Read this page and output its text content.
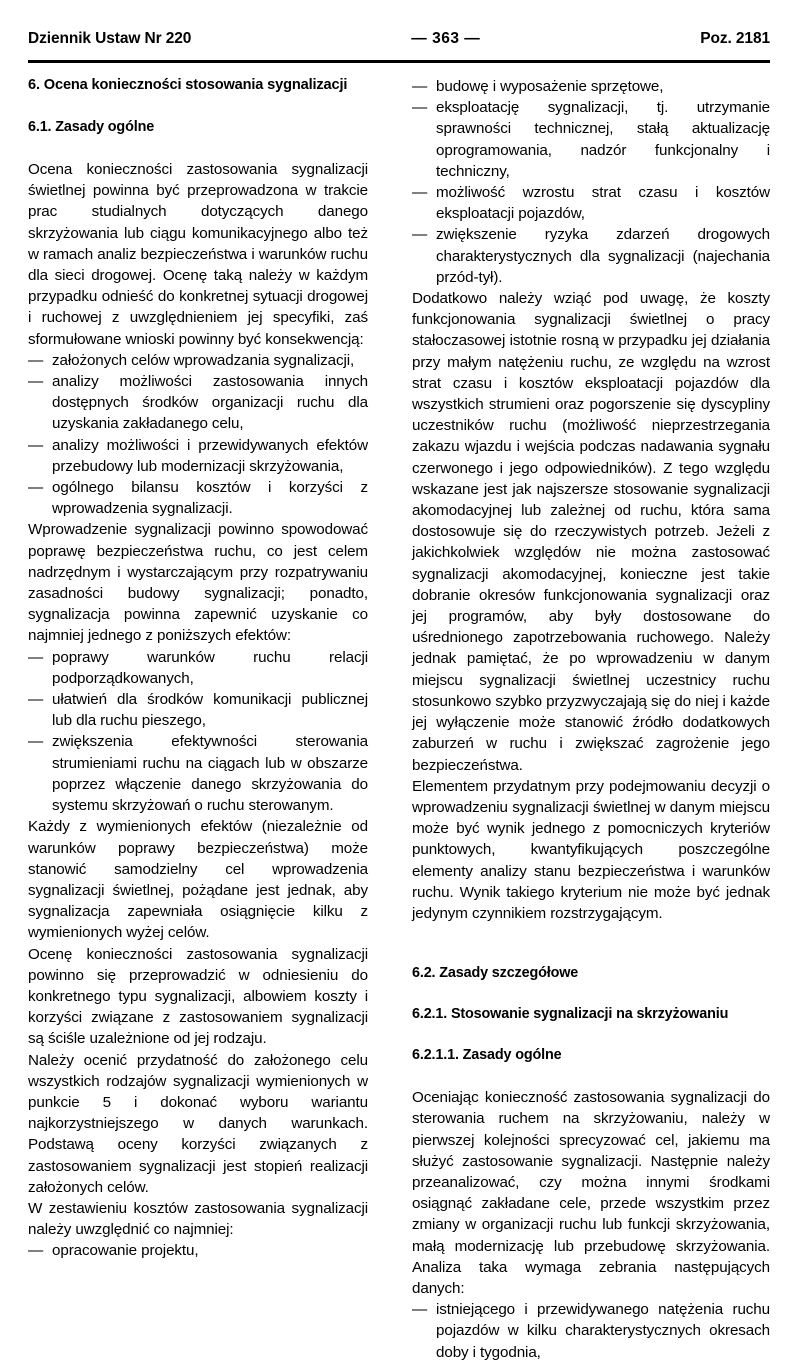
Dziennik Ustaw Nr 220	— 363 —	Poz. 2181
6. Ocena konieczności stosowania sygnalizacji
6.1. Zasady ogólne

Ocena konieczności zastosowania sygnalizacji świetlnej powinna być przeprowadzona w trakcie prac studialnych dotyczących danego skrzyżowania lub ciągu komunikacyjnego albo też w ramach analiz bezpieczeństwa i warunków ruchu dla sieci drogowej. Ocenę taką należy w każdym przypadku odnieść do konkretnej sytuacji drogowej i ruchowej z uwzględnieniem jej specyfiki, zaś sformułowane wnioski powinny być konsekwencją:

— założonych celów wprowadzania sygnalizacji,
— analizy możliwości zastosowania innych dostępnych środków organizacji ruchu dla uzyskania zakładanego celu,
— analizy możliwości i przewidywanych efektów przebudowy lub modernizacji skrzyżowania,
— ogólnego bilansu kosztów i korzyści z wprowadzenia sygnalizacji.

Wprowadzenie sygnalizacji powinno spowodować poprawę bezpieczeństwa ruchu, co jest celem nadrzędnym i wystarczającym przy rozpatrywaniu zasadności budowy sygnalizacji; ponadto, sygnalizacja powinna zapewnić uzyskanie co najmniej jednego z poniższych efektów:

— poprawy warunków ruchu relacji podporządkowanych,
— ułatwień dla środków komunikacji publicznej lub dla ruchu pieszego,
— zwiększenia efektywności sterowania strumieniami ruchu na ciągach lub w obszarze poprzez włączenie danego skrzyżowania do systemu skrzyżowań o ruchu sterowanym.

Każdy z wymienionych efektów (niezależnie od warunków poprawy bezpieczeństwa) może stanowić samodzielny cel wprowadzenia sygnalizacji świetlnej, pożądane jest jednak, aby sygnalizacja zapewniała osiągnięcie kilku z wymienionych wyżej celów.

Ocenę konieczności zastosowania sygnalizacji powinno się przeprowadzić w odniesieniu do konkretnego typu sygnalizacji, albowiem koszty i korzyści związane z zastosowaniem sygnalizacji są ściśle uzależnione od jej rodzaju.

Należy ocenić przydatność do założonego celu wszystkich rodzajów sygnalizacji wymienionych w punkcie 5 i dokonać wyboru wariantu najkorzystniejszego w danych warunkach. Podstawą oceny korzyści związanych z zastosowaniem sygnalizacji jest stopień realizacji założonych celów.

W zestawieniu kosztów zastosowania sygnalizacji należy uwzględnić co najmniej:

— opracowanie projektu,
— budowę i wyposażenie sprzętowe,
— eksploatację sygnalizacji, tj. utrzymanie sprawności technicznej, stałą aktualizację oprogramowania, nadzór funkcjonalny i techniczny,
— możliwość wzrostu strat czasu i kosztów eksploatacji pojazdów,
— zwiększenie ryzyka zdarzeń drogowych charakterystycznych dla sygnalizacji (najechania przód-tył).

Dodatkowo należy wziąć pod uwagę, że koszty funkcjonowania sygnalizacji świetlnej o pracy stałoczasowej istotnie rosną w przypadku jej działania przy małym natężeniu ruchu, ze względu na wzrost strat czasu i kosztów eksploatacji pojazdów dla wszystkich strumieni oraz pogorszenie się dyscypliny uczestników ruchu (możliwość nieprzestrzegania zakazu wjazdu i wejścia podczas nadawania sygnału czerwonego i jego odpowiedników). Z tego względu wskazane jest jak najszersze stosowanie sygnalizacji akomodacyjnej lub zależnej od ruchu, która sama dostosowuje się do rzeczywistych potrzeb. Jeżeli z jakichkolwiek względów nie można zastosować sygnalizacji akomodacyjnej, konieczne jest takie dobranie okresów funkcjonowania sygnalizacji oraz jej programów, aby były dostosowane do uśrednionego zapotrzebowania ruchowego. Należy jednak pamiętać, że po wprowadzeniu w danym miejscu sygnalizacji świetlnej uczestnicy ruchu stosunkowo szybko przyzwyczajają się do niej i każde jej wyłączenie może stanowić źródło dodatkowych zaburzeń w ruchu i zwiększać zagrożenie jego bezpieczeństwa.

Elementem przydatnym przy podejmowaniu decyzji o wprowadzeniu sygnalizacji świetlnej w danym miejscu może być wynik jednego z pomocniczych kryteriów punktowych, kwantyfikujących poszczególne elementy analizy stanu bezpieczeństwa i warunków ruchu. Wynik takiego kryterium nie może być jednak jedynym czynnikiem rozstrzygającym.

6.2. Zasady szczegółowe
6.2.1. Stosowanie sygnalizacji na skrzyżowaniu
6.2.1.1. Zasady ogólne

Oceniając konieczność zastosowania sygnalizacji do sterowania ruchem na skrzyżowaniu, należy w pierwszej kolejności sprecyzować cel, jakiemu ma służyć zastosowanie sygnalizacji. Następnie należy przeanalizować, czy można innymi środkami osiągnąć zakładane cele, przede wszystkim przez zmiany w organizacji ruchu lub funkcji skrzyżowania, małą modernizację lub przebudowę skrzyżowania. Analiza taka wymaga zebrania następujących danych:

— istniejącego i przewidywanego natężenia ruchu pojazdów w kilku charakterystycznych okresach doby i tygodnia,
